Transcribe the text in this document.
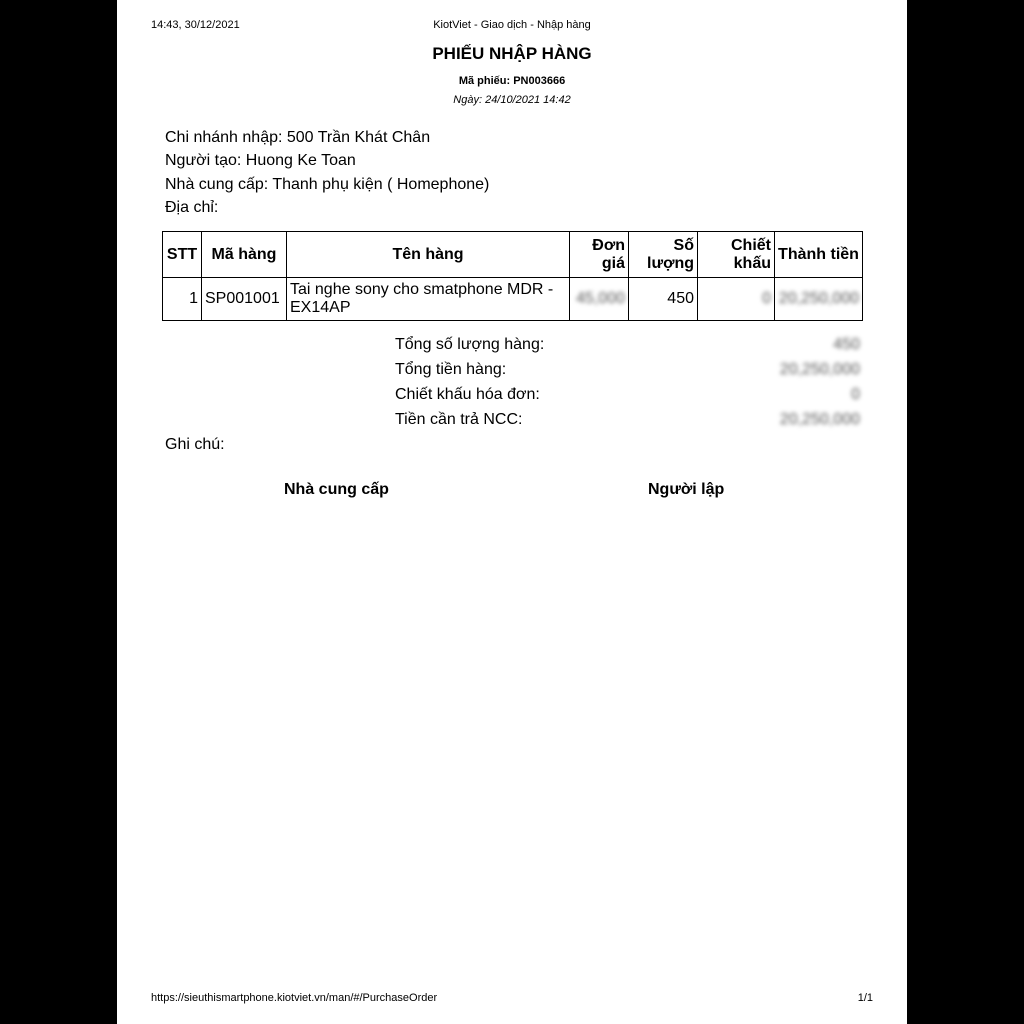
14:43, 30/12/2021	KiotViet - Giao dịch - Nhập hàng
PHIẾU NHẬP HÀNG
Mã phiếu: PN003666
Ngày: 24/10/2021 14:42
Chi nhánh nhập: 500 Trần Khát Chân
Người tạo: Huong Ke Toan
Nhà cung cấp: Thanh phụ kiện ( Homephone)
Địa chỉ:
STT	Mã hàng	Tên hàng	Đơn giá	Số lượng	Chiết khấu	Thành tiền
1	SP001001	Tai nghe sony cho smatphone MDR - EX14AP	45,000	450	0	20,250,000
Tổng số lượng hàng:	450
Tổng tiền hàng:	20,250,000
Chiết khấu hóa đơn:	0
Tiền cần trả NCC:	20,250,000
Ghi chú:
Nhà cung cấp	Người lập
https://sieuthismartphone.kiotviet.vn/man/#/PurchaseOrder	1/1
